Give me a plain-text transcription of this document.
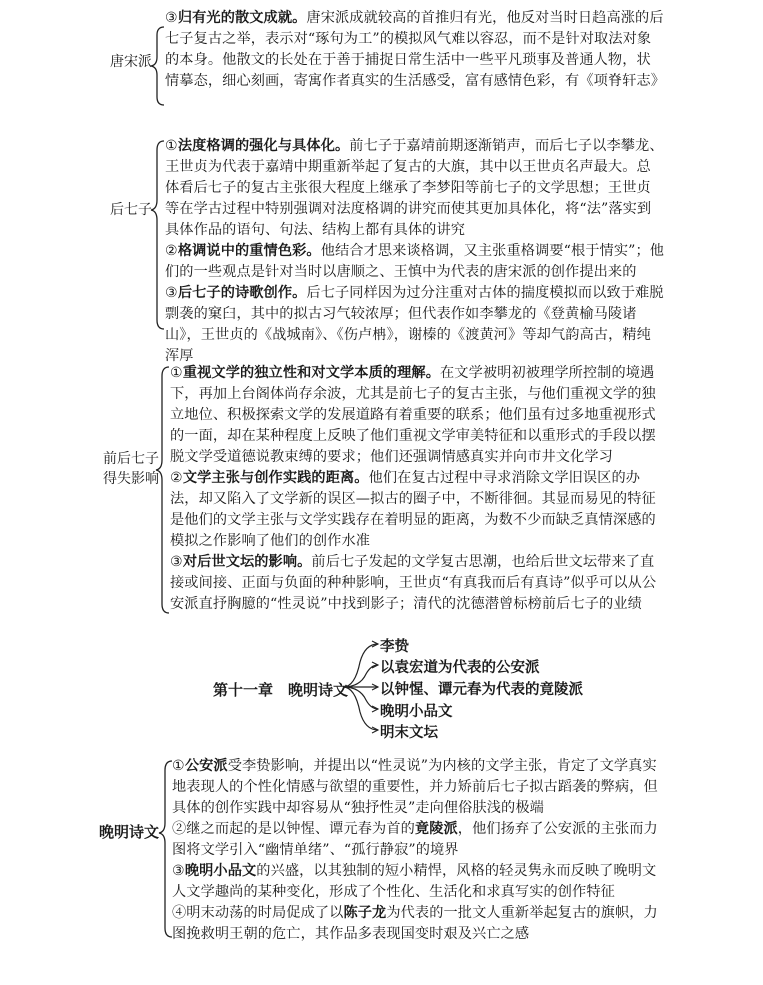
唐宋派

③归有光的散文成就。唐宋派成就较高的首推归有光，他反对当时日趋高涨的后七子复古之举，表示对“琢句为工”的模拟风气难以容忍，而不是针对取法对象的本身。他散文的长处在于善于捕捉日常生活中一些平凡琐事及普通人物，状情摹态，细心刻画，寄寓作者真实的生活感受，富有感情色彩，有《项脊轩志》

后七子

①法度格调的强化与具体化。前七子于嘉靖前期逐渐销声，而后七子以李攀龙、王世贞为代表于嘉靖中期重新举起了复古的大旗，其中以王世贞名声最大。总体看后七子的复古主张很大程度上继承了李梦阳等前七子的文学思想；王世贞等在学古过程中特别强调对法度格调的讲究而使其更加具体化，将“法”落实到具体作品的语句、句法、结构上都有具体的讲究

②格调说中的重情色彩。他结合才思来谈格调，又主张重格调要“根于情实”；他们的一些观点是针对当时以唐顺之、王慎中为代表的唐宋派的创作提出来的

③后七子的诗歌创作。后七子同样因为过分注重对古体的揣度模拟而以致于难脱剽袭的窠臼，其中的拟古习气较浓厚；但代表作如李攀龙的《登黄榆马陵诸山》，王世贞的《战城南》、《伤卢柟》，谢榛的《渡黄河》等却气韵高古，精纯浑厚

前后七子
得失影响

①重视文学的独立性和对文学本质的理解。在文学被明初被理学所控制的境遇下，再加上台阁体尚存余波，尤其是前七子的复古主张，与他们重视文学的独立地位、积极探索文学的发展道路有着重要的联系；他们虽有过多地重视形式的一面，却在某种程度上反映了他们重视文学审美特征和以重形式的手段以摆脱文学受道德说教束缚的要求；他们还强调情感真实并向市井文化学习

②文学主张与创作实践的距离。他们在复古过程中寻求消除文学旧误区的办法，却又陷入了文学新的误区—拟古的圈子中，不断徘徊。其显而易见的特征是他们的文学主张与文学实践存在着明显的距离，为数不少而缺乏真情深感的模拟之作影响了他们的创作水准

③对后世文坛的影响。前后七子发起的文学复古思潮，也给后世文坛带来了直接或间接、正面与负面的种种影响，王世贞“有真我而后有真诗”似乎可以从公安派直抒胸臆的“性灵说”中找到影子；清代的沈德潜曾标榜前后七子的业绩

第十一章　晚明诗文
李贽
以袁宏道为代表的公安派
以钟惺、谭元春为代表的竟陵派
晚明小品文
明末文坛
晚明诗文

①公安派受李贽影响，并提出以“性灵说”为内核的文学主张，肯定了文学真实地表现人的个性化情感与欲望的重要性，并力矫前后七子拟古蹈袭的弊病，但具体的创作实践中却容易从“独抒性灵”走向俚俗肤浅的极端

②继之而起的是以钟惺、谭元春为首的竟陵派，他们扬弃了公安派的主张而力图将文学引入“幽情单绪”、“孤行静寂”的境界

③晚明小品文的兴盛，以其独制的短小精悍，风格的轻灵隽永而反映了晚明文人文学趣尚的某种变化，形成了个性化、生活化和求真写实的创作特征

④明末动荡的时局促成了以陈子龙为代表的一批文人重新举起复古的旗帜，力图挽救明王朝的危亡，其作品多表现国变时艰及兴亡之感
